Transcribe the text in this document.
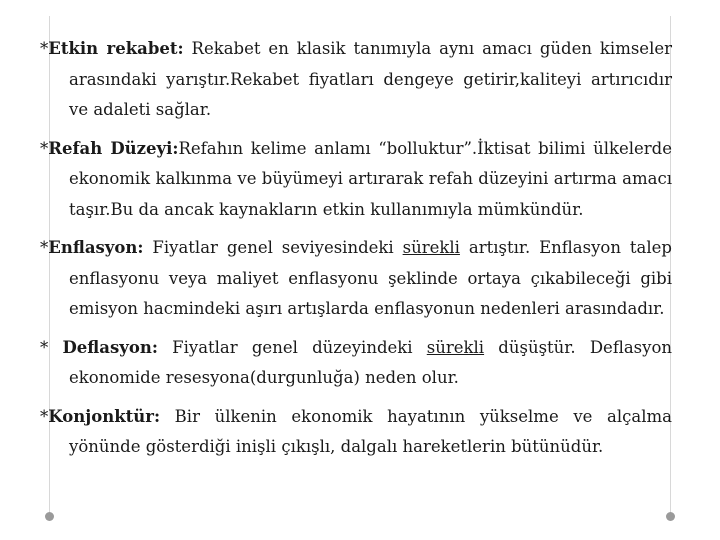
*Etkin rekabet: Rekabet en klasik tanımıyla aynı amacı güden kimseler arasındaki yarıştır.Rekabet fiyatları dengeye getirir,kaliteyi artırıcıdır ve adaleti sağlar.

*Refah Düzeyi:Refahın kelime anlamı “bolluktur”.İktisat bilimi ülkelerde ekonomik kalkınma ve büyümeyi artırarak refah düzeyini artırma amacı taşır.Bu da ancak kaynakların etkin kullanımıyla mümkündür.

*Enflasyon: Fiyatlar genel seviyesindeki sürekli artıştır. Enflasyon talep enflasyonu veya maliyet enflasyonu şeklinde ortaya çıkabileceği gibi emisyon hacmindeki aşırı artışlarda enflasyonun nedenleri arasındadır.

* Deflasyon: Fiyatlar genel düzeyindeki sürekli düşüştür. Deflasyon ekonomide resesyona(durgunluğa) neden olur.

*Konjonktür: Bir ülkenin ekonomik hayatının yükselme ve alçalma yönünde gösterdiği inişli çıkışlı, dalgalı hareketlerin bütünüdür.
